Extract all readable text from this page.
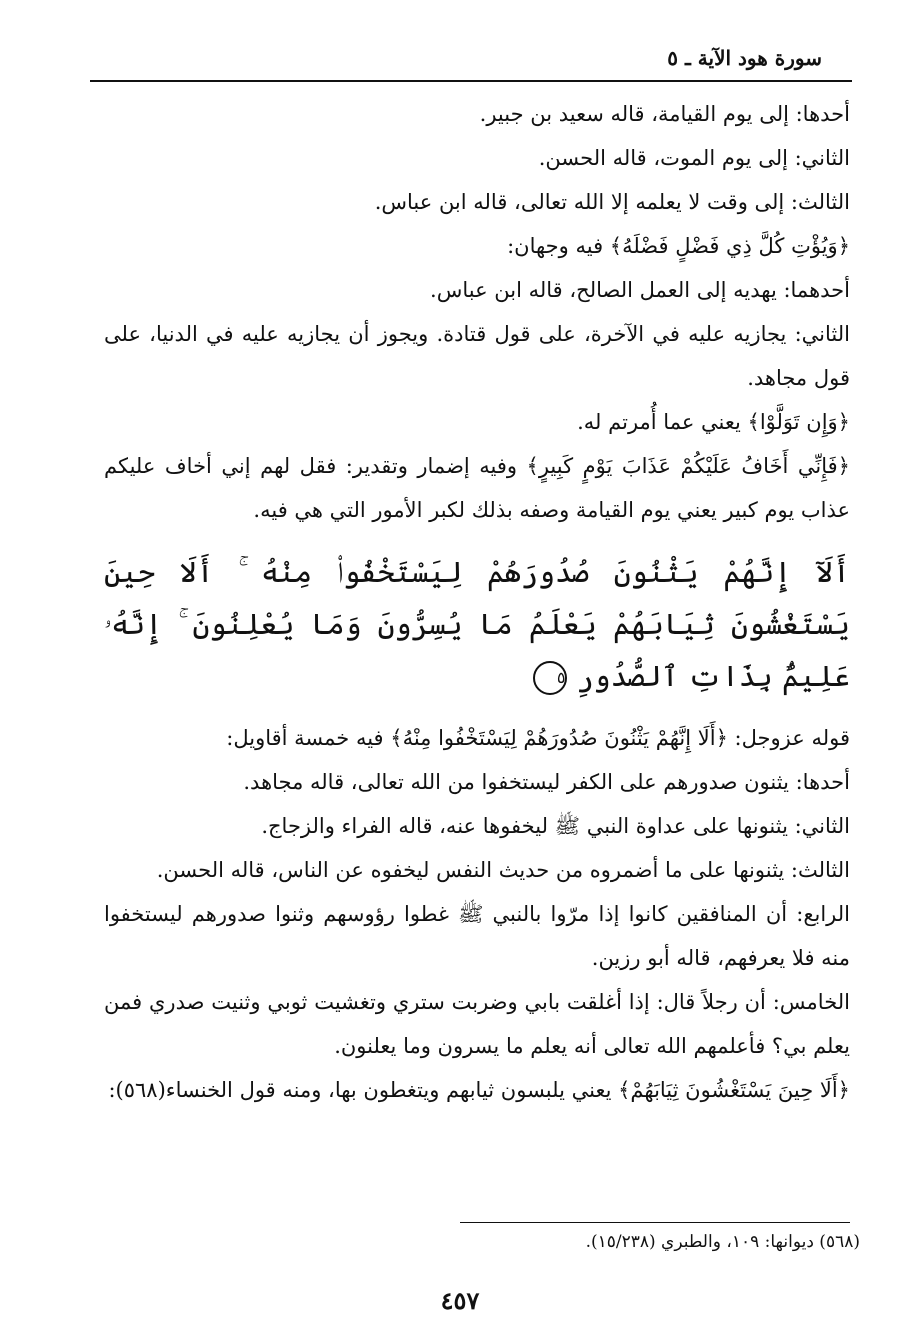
سورة هود الآية ـ ٥

أحدها: إلى يوم القيامة، قاله سعيد بن جبير.

الثاني: إلى يوم الموت، قاله الحسن.

الثالث: إلى وقت لا يعلمه إلا الله تعالى، قاله ابن عباس.

﴿وَيُؤْتِ كُلَّ ذِي فَضْلٍ فَضْلَهُ﴾ فيه وجهان:

أحدهما: يهديه إلى العمل الصالح، قاله ابن عباس.

الثاني: يجازيه عليه في الآخرة، على قول قتادة. ويجوز أن يجازيه عليه في الدنيا، على قول مجاهد.

﴿وَإِن تَوَلَّوْا﴾ يعني عما أُمرتم له.

﴿فَإِنِّي أَخَافُ عَلَيْكُمْ عَذَابَ يَوْمٍ كَبِيرٍ﴾ وفيه إضمار وتقدير: فقل لهم إني أخاف عليكم عذاب يوم كبير يعني يوم القيامة وصفه بذلك لكبر الأمور التي هي فيه.

أَلَآ إِنَّهُمْ يَثْنُونَ صُدُورَهُمْ لِيَسْتَخْفُوا۟ مِنْهُ ۚ أَلَا حِينَ يَسْتَغْشُونَ ثِيَابَهُمْ يَعْلَمُ مَا يُسِرُّونَ وَمَا يُعْلِنُونَ ۚ إِنَّهُۥ عَلِيمٌۢ بِذَاتِ ٱلصُّدُورِ ٥

قوله عزوجل: ﴿أَلَا إِنَّهُمْ يَثْنُونَ صُدُورَهُمْ لِيَسْتَخْفُوا مِنْهُ﴾ فيه خمسة أقاويل:

أحدها: يثنون صدورهم على الكفر ليستخفوا من الله تعالى، قاله مجاهد.

الثاني: يثنونها على عداوة النبي ﷺ ليخفوها عنه، قاله الفراء والزجاج.

الثالث: يثنونها على ما أضمروه من حديث النفس ليخفوه عن الناس، قاله الحسن.

الرابع: أن المنافقين كانوا إذا مرّوا بالنبي ﷺ غطوا رؤوسهم وثنوا صدورهم ليستخفوا منه فلا يعرفهم، قاله أبو رزين.

الخامس: أن رجلاً قال: إذا أغلقت بابي وضربت ستري وتغشيت ثوبي وثنيت صدري فمن يعلم بي؟ فأعلمهم الله تعالى أنه يعلم ما يسرون وما يعلنون.

﴿أَلَا حِينَ يَسْتَغْشُونَ ثِيَابَهُمْ﴾ يعني يلبسون ثيابهم ويتغطون بها، ومنه قول الخنساء(٥٦٨):

(٥٦٨) ديوانها: ١٠٩، والطبري (١٥/٢٣٨).
٤٥٧
